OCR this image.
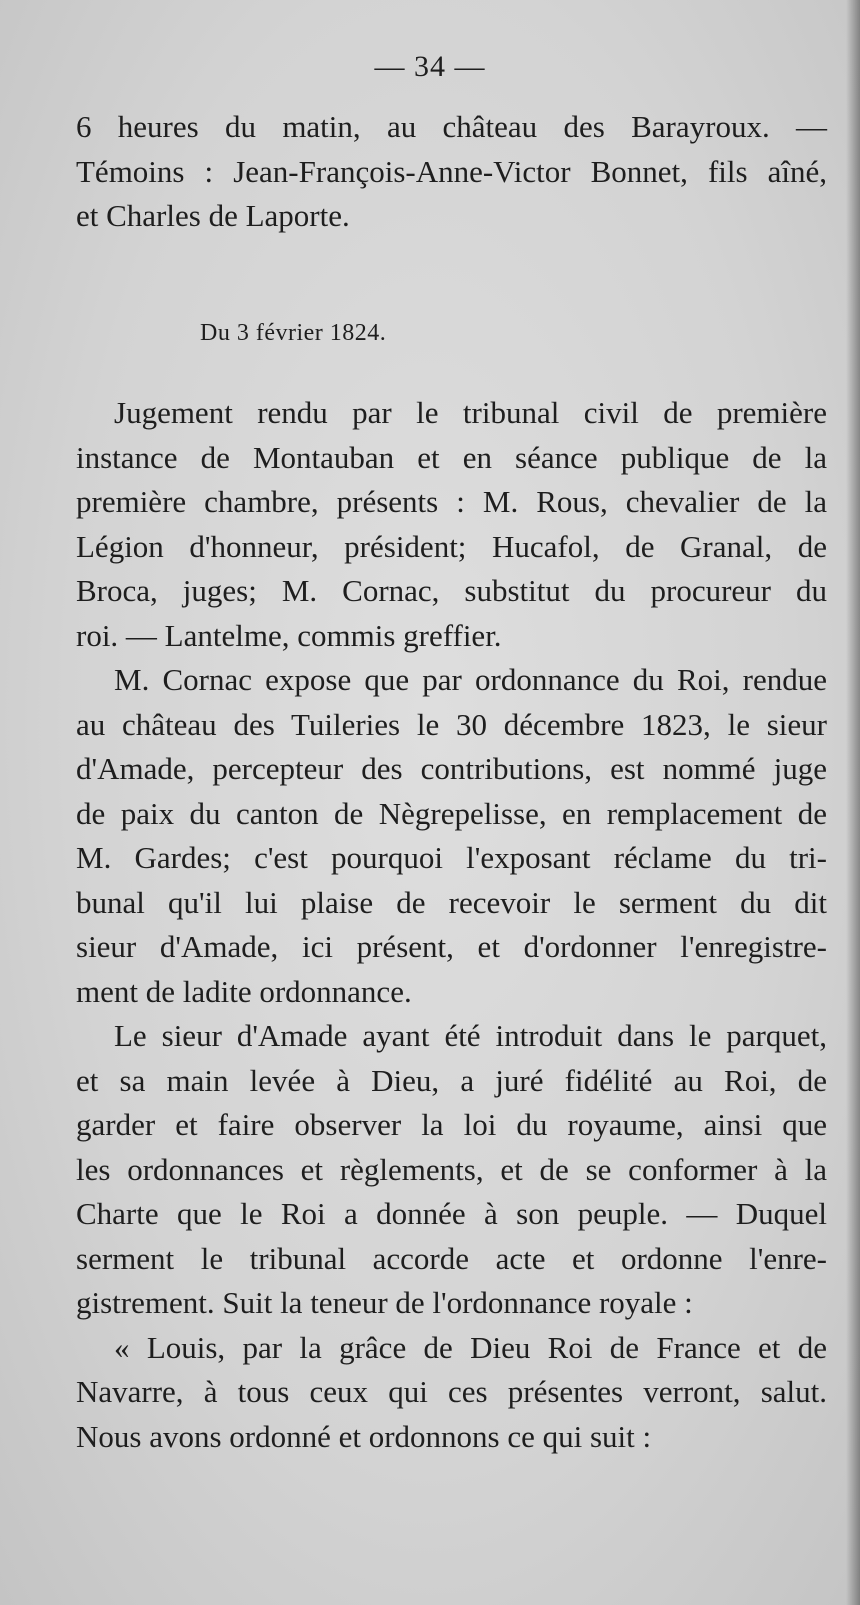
— 34 —
6 heures du matin, au château des Barayroux. —
Témoins : Jean-François-Anne-Victor Bonnet, fils aîné,
et Charles de Laporte.
Du 3 février 1824.
Jugement rendu par le tribunal civil de première
instance de Montauban et en séance publique de la
première chambre, présents : M. Rous, chevalier de la
Légion d'honneur, président; Hucafol, de Granal, de
Broca, juges; M. Cornac, substitut du procureur du
roi. — Lantelme, commis greffier.
M. Cornac expose que par ordonnance du Roi, rendue
au château des Tuileries le 30 décembre 1823, le sieur
d'Amade, percepteur des contributions, est nommé juge
de paix du canton de Nègrepelisse, en remplacement de
M. Gardes; c'est pourquoi l'exposant réclame du tri-
bunal qu'il lui plaise de recevoir le serment du dit
sieur d'Amade, ici présent, et d'ordonner l'enregistre-
ment de ladite ordonnance.
Le sieur d'Amade ayant été introduit dans le parquet,
et sa main levée à Dieu, a juré fidélité au Roi, de
garder et faire observer la loi du royaume, ainsi que
les ordonnances et règlements, et de se conformer à la
Charte que le Roi a donnée à son peuple. — Duquel
serment le tribunal accorde acte et ordonne l'enre-
gistrement. Suit la teneur de l'ordonnance royale :
« Louis, par la grâce de Dieu Roi de France et de
Navarre, à tous ceux qui ces présentes verront, salut.
Nous avons ordonné et ordonnons ce qui suit :
